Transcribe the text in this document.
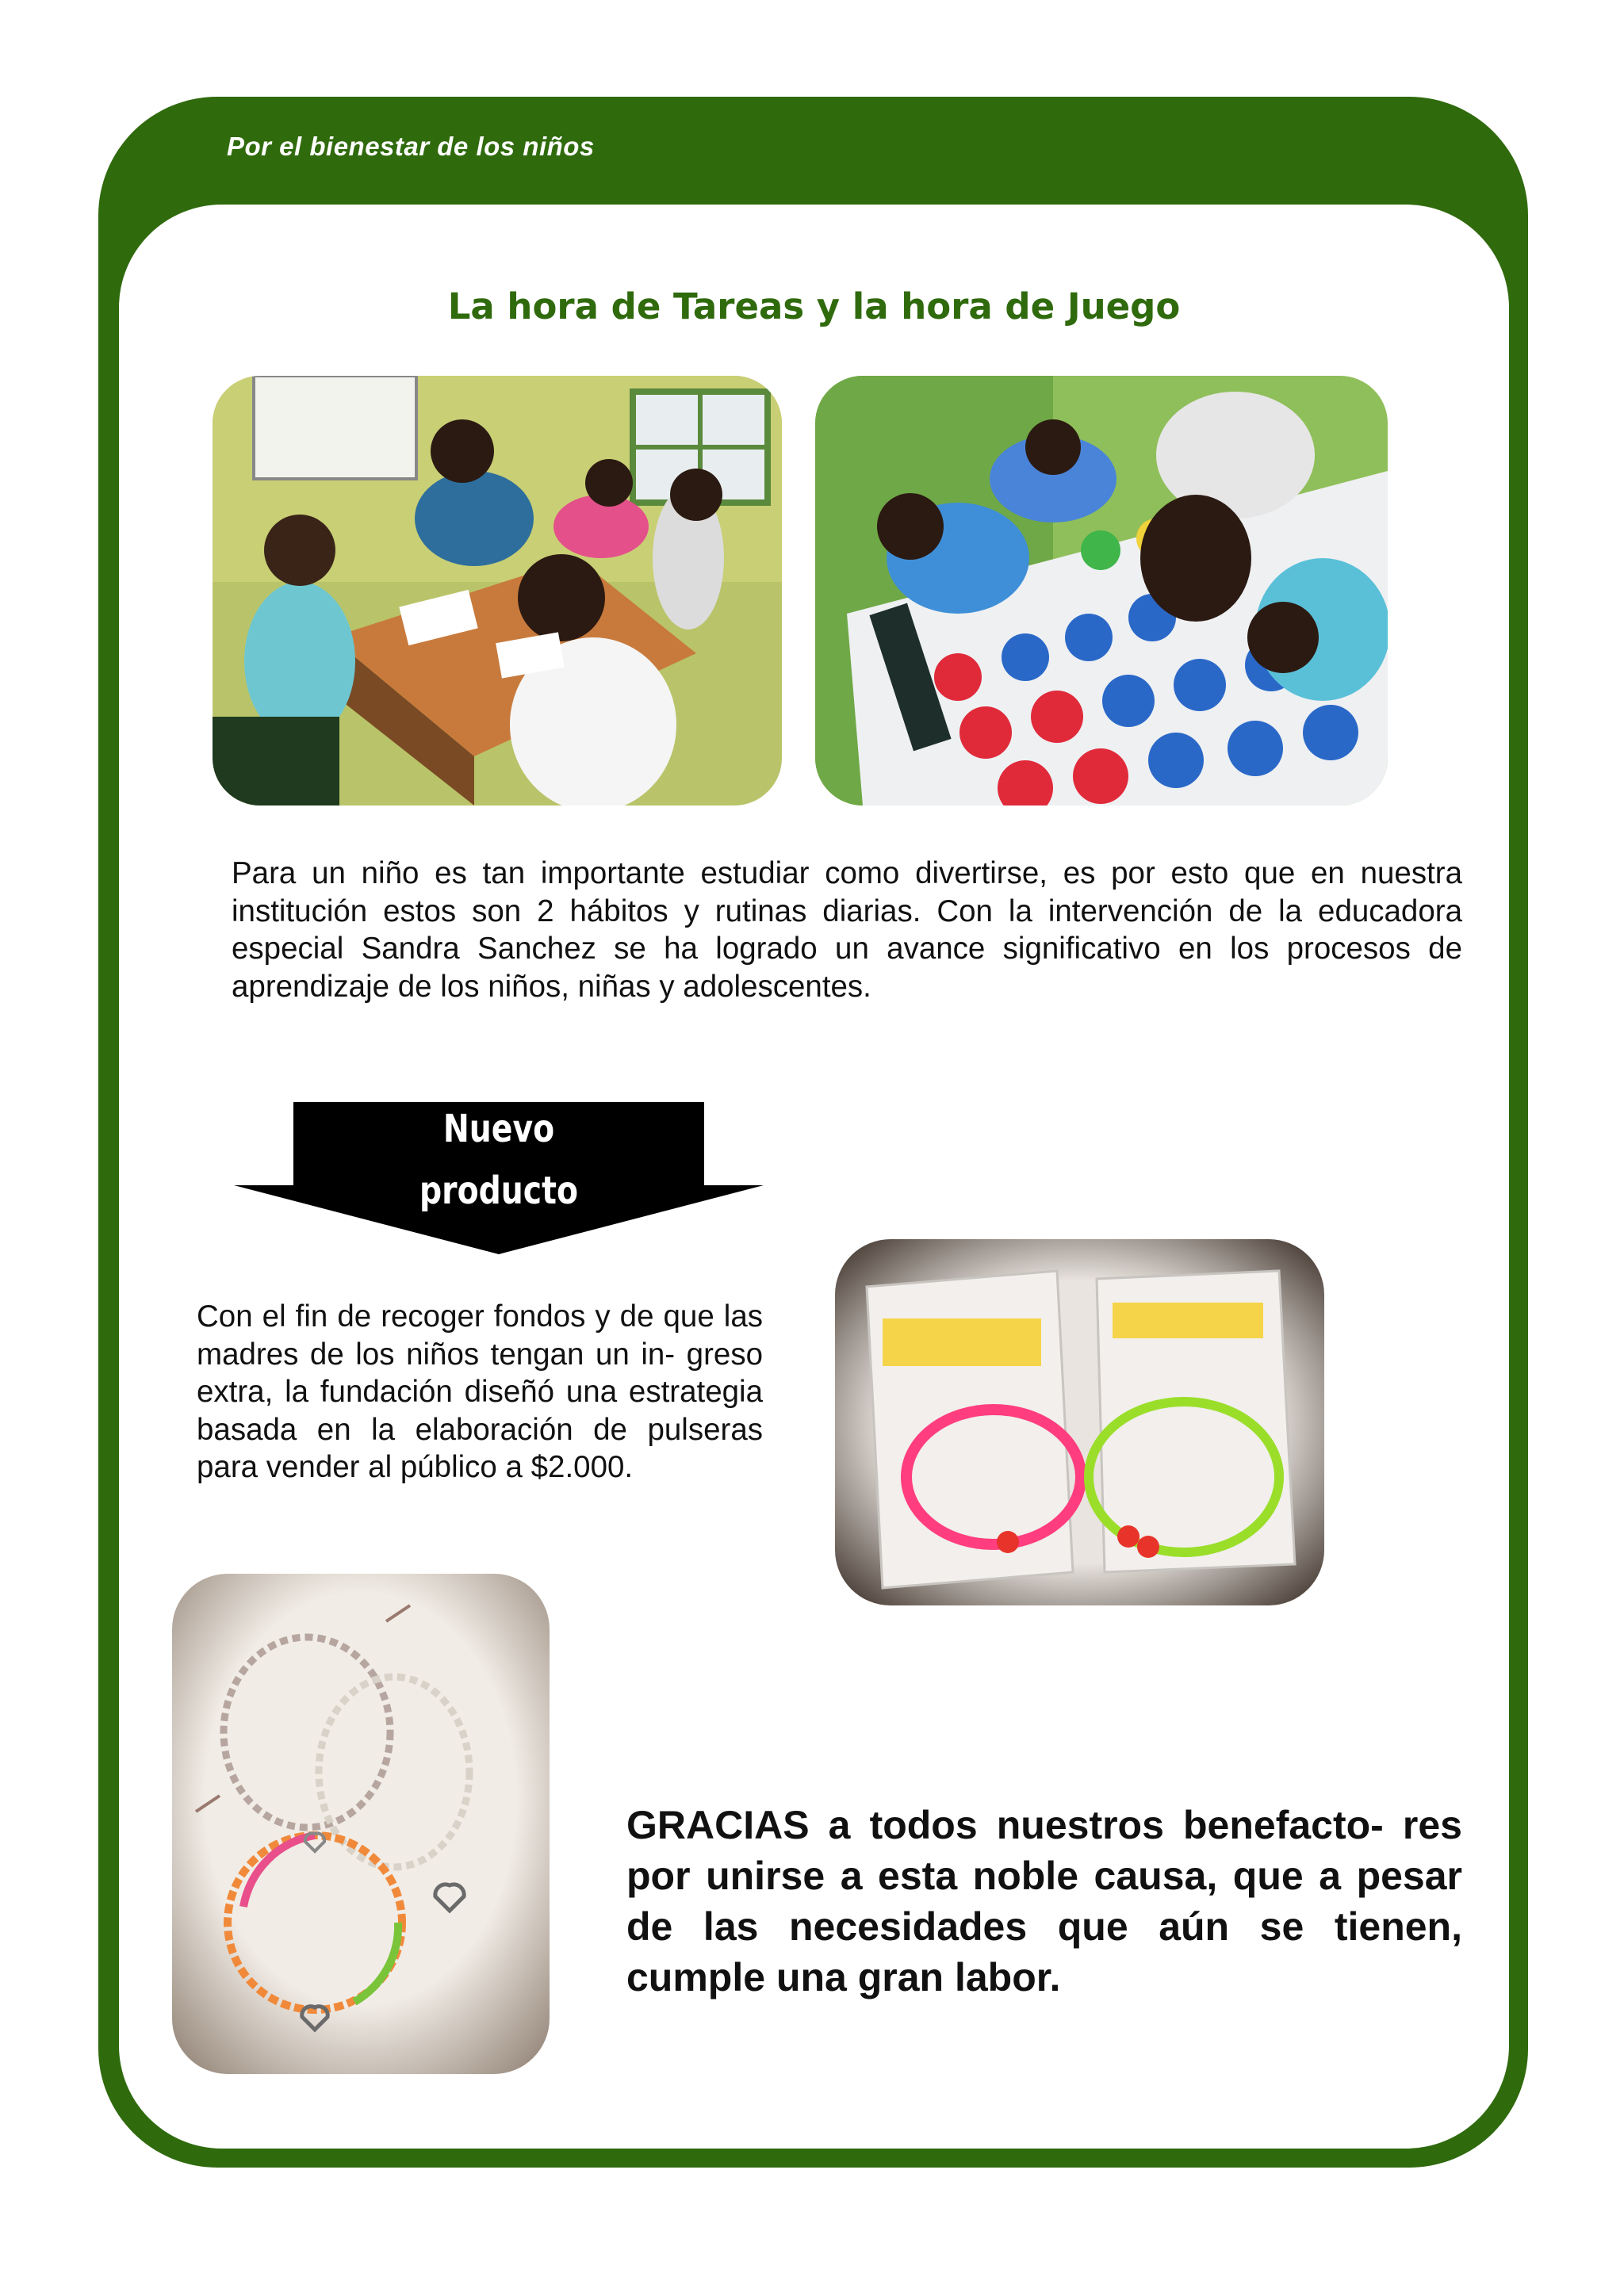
Por el bienestar de los niños
La hora de Tareas y la hora de Juego
Para un niño es tan importante estudiar como divertirse, es por esto que en nuestra institución estos son 2 hábitos y rutinas diarias. Con la intervención de la educadora especial Sandra Sanchez se ha logrado un avance significativo en los procesos de aprendizaje de los niños, niñas y adolescentes.
Nuevo
producto
Con el fin de recoger fondos y de que las madres de los niños tengan un in- greso extra, la fundación diseñó una estrategia basada en la elaboración de pulseras para vender al público a $2.000.
GRACIAS a todos nuestros benefacto- res por unirse a esta noble causa, que a pesar de las necesidades que aún se tienen, cumple una gran labor.
